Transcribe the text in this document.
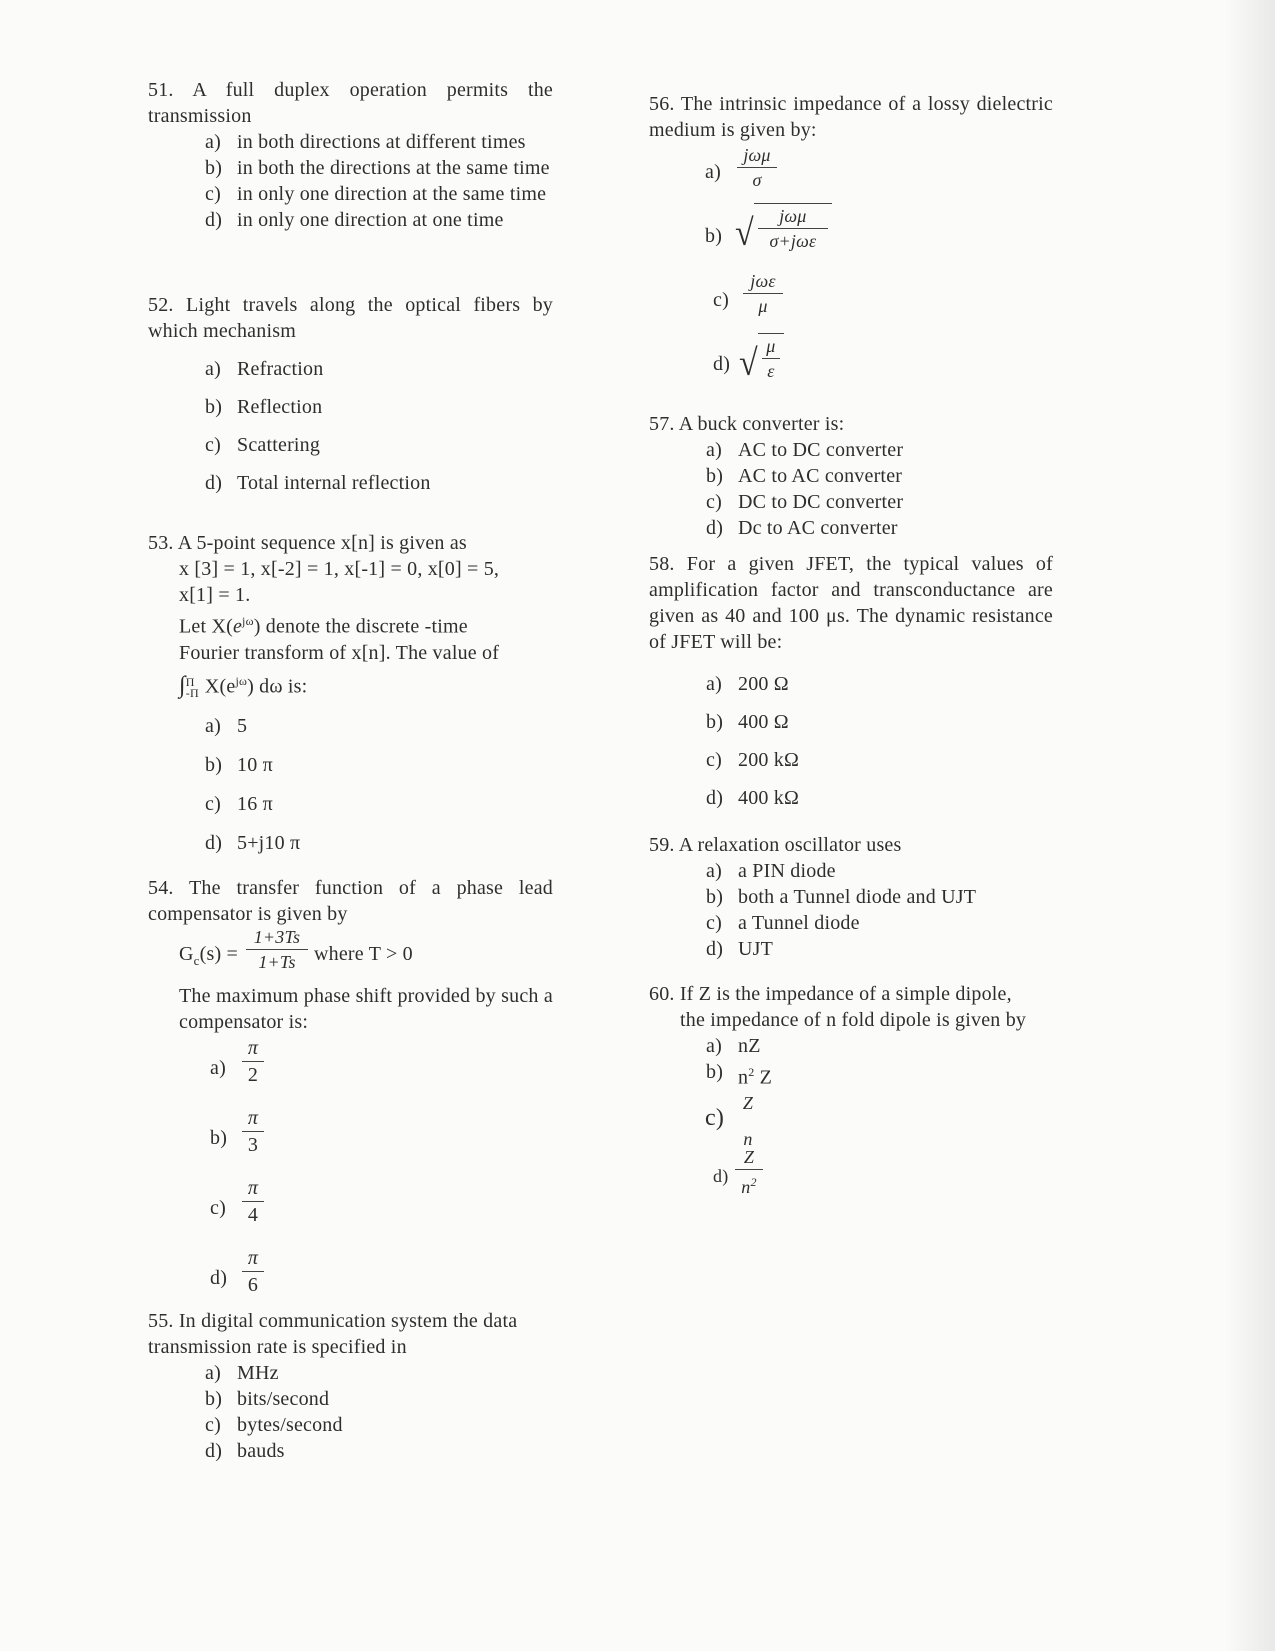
51. A full duplex operation permits the transmission
a) in both directions at different times
b) in both the directions at the same time
c) in only one direction at the same time
d) in only one direction at one time
52. Light travels along the optical fibers by which mechanism
a) Refraction
b) Reflection
c) Scattering
d) Total internal reflection
53. A 5-point sequence x[n] is given as
x [3] = 1, x[-2] = 1, x[-1] = 0, x[0] = 5,
x[1] = 1.
Let $X(e^{j\omega})$ denote the discrete -time
Fourier transform of x[n]. The value of
∫ Π
-Π $X(e^{j\omega})$ dω is:
a) 5
b) 10 π
c) 16 π
d) 5+j10 π
54. The transfer function of a phase lead compensator is given by
$G_c(s)$ =
1+3Ts
1+Ts where T > 0
The maximum phase shift provided by such a compensator is:
a)
π
2
b)
π
3
c)
π
4
d)
π
6
55. In digital communication system the data transmission rate is specified in
a) MHz
b) bits/second
c) bytes/second
d) bauds
56. The intrinsic impedance of a lossy dielectric medium is given by:
a)
jωμ
σ
b) √ $\frac{\text{jωμ}}{\text{σ+jωε}}$
c)
jωε
μ
d) √ $\frac{\mu}{\varepsilon}$
57. A buck converter is:
a) AC to DC converter
b) AC to AC converter
c) DC to DC converter
d) Dc to AC converter
58. For a given JFET, the typical values of amplification factor and transconductance are given as 40 and 100 μs. The dynamic resistance of JFET will be:
a) 200 Ω
b) 400 Ω
c) 200 kΩ
d) 400 kΩ
59. A relaxation oscillator uses
a) a PIN diode
b) both a Tunnel diode and UJT
c) a Tunnel diode
d) UJT
60. If Z is the impedance of a simple dipole,
the impedance of n fold dipole is given by
a) nZ
b) $n^2$ Z
c)
Z
n
d)
Z
$n^2$
